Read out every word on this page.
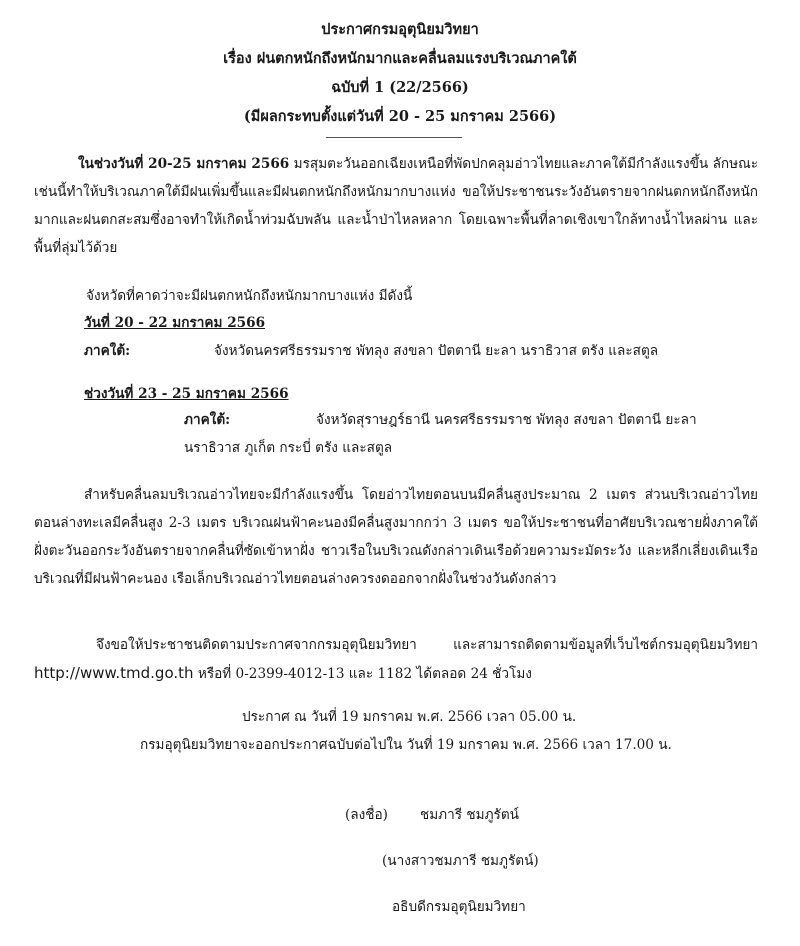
ประกาศกรมอุตุนิยมวิทยา
เรื่อง ฝนตกหนักถึงหนักมากและคลื่นลมแรงบริเวณภาคใต้
ฉบับที่ 1 (22/2566)
(มีผลกระทบตั้งแต่วันที่ 20 - 25 มกราคม 2566)
ในช่วงวันที่ 20-25 มกราคม 2566 มรสุมตะวันออกเฉียงเหนือที่พัดปกคลุมอ่าวไทยและภาคใต้มีกำลังแรงขึ้น ลักษณะเช่นนี้ทำให้บริเวณภาคใต้มีฝนเพิ่มขึ้นและมีฝนตกหนักถึงหนักมากบางแห่ง ขอให้ประชาชนระวังอันตรายจากฝนตกหนักถึงหนักมากและฝนตกสะสมซึ่งอาจทำให้เกิดน้ำท่วมฉับพลัน และน้ำป่าไหลหลาก โดยเฉพาะพื้นที่ลาดเชิงเขาใกล้ทางน้ำไหลผ่าน และพื้นที่ลุ่มไว้ด้วย
จังหวัดที่คาดว่าจะมีฝนตกหนักถึงหนักมากบางแห่ง มีดังนี้
วันที่ 20 - 22 มกราคม 2566
ภาคใต้:	จังหวัดนครศรีธรรมราช พัทลุง สงขลา ปัตตานี ยะลา นราธิวาส ตรัง และสตูล
ช่วงวันที่ 23 - 25 มกราคม 2566
ภาคใต้:	จังหวัดสุราษฎร์ธานี นครศรีธรรมราช พัทลุง สงขลา ปัตตานี ยะลา
นราธิวาส ภูเก็ต กระบี่ ตรัง และสตูล
สำหรับคลื่นลมบริเวณอ่าวไทยจะมีกำลังแรงขึ้น โดยอ่าวไทยตอนบนมีคลื่นสูงประมาณ 2 เมตร ส่วนบริเวณอ่าวไทยตอนล่างทะเลมีคลื่นสูง 2-3 เมตร บริเวณฝนฟ้าคะนองมีคลื่นสูงมากกว่า 3 เมตร ขอให้ประชาชนที่อาศัยบริเวณชายฝั่งภาคใต้ฝั่งตะวันออกระวังอันตรายจากคลื่นที่ซัดเข้าหาฝั่ง ชาวเรือในบริเวณดังกล่าวเดินเรือด้วยความระมัดระวัง และหลีกเลี่ยงเดินเรือบริเวณที่มีฝนฟ้าคะนอง เรือเล็กบริเวณอ่าวไทยตอนล่างควรงดออกจากฝั่งในช่วงวันดังกล่าว
จึงขอให้ประชาชนติดตามประกาศจากกรมอุตุนิยมวิทยา และสามารถติดตามข้อมูลที่เว็บไซต์กรมอุตุนิยมวิทยา http://www.tmd.go.th หรือที่ 0-2399-4012-13 และ 1182 ได้ตลอด 24 ชั่วโมง
ประกาศ ณ วันที่ 19 มกราคม พ.ศ. 2566 เวลา 05.00 น.
กรมอุตุนิยมวิทยาจะออกประกาศฉบับต่อไปใน วันที่ 19 มกราคม พ.ศ. 2566 เวลา 17.00 น.
(ลงชื่อ) ชมภารี ชมภูรัตน์
(นางสาวชมภารี ชมภูรัตน์)
อธิบดีกรมอุตุนิยมวิทยา
